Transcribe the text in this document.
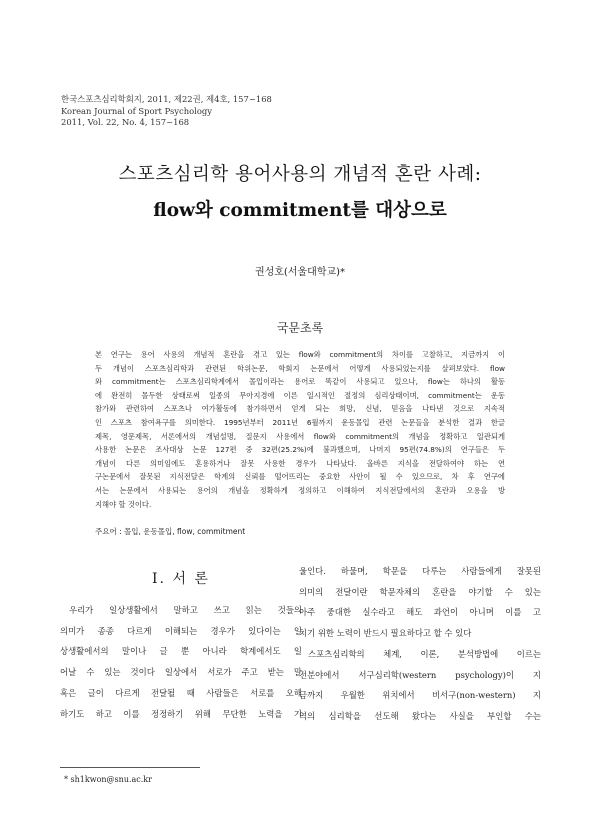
한국스포츠심리학회지, 2011, 제22권, 제4호, 157~168
Korean Journal of Sport Psychology
2011, Vol. 22, No. 4, 157~168
스포츠심리학 용어사용의 개념적 혼란 사례:
flow와 commitment를 대상으로
권성호(서울대학교)*
국문초록
본 연구는 용어 사용의 개념적 혼란을 겪고 있는 flow와 commitment의 차이를 고찰하고, 지금까지 이
두 개념이 스포츠심리학과 관련된 학위논문, 학회지 논문에서 어떻게 사용되었는지를 살펴보았다. flow
와 commitment는 스포츠심리학계에서 몰입이라는 용어로 똑같이 사용되고 있으나, flow는 하나의 활동
에 완전히 몰두한 상태로써 일종의 무아지경에 이른 일시적인 절정의 심리상태이며, commitment는 운동
참가와 관련하여 스포츠나 여가활동에 참가하면서 얻게 되는 희망, 신념, 믿음을 나타낸 것으로 지속적
인 스포츠 참여욕구를 의미한다. 1995년부터 2011년 6월까지 운동몰입 관련 논문들을 분석한 결과 한글
제목, 영문제목, 서론에서의 개념설명, 질문지 사용에서 flow와 commitment의 개념을 정확하고 일관되게
사용한 논문은 조사대상 논문 127편 중 32편(25.2%)에 불과했으며, 나머지 95편(74.8%)의 연구들은 두
개념이 다른 의미임에도 혼용하거나 잘못 사용한 경우가 나타났다. 올바른 지식을 전달하여야 하는 연
구논문에서 잘못된 지식전달은 학계의 신뢰를 떨어뜨리는 중요한 사안이 될 수 있으므로, 차 후 연구에
서는 논문에서 사용되는 용어의 개념을 정확하게 정의하고 이해하여 지식전달에서의 혼란과 오용을 방
지해야 할 것이다.
주요어 : 몰입, 운동몰입, flow, commitment
Ⅰ. 서 론
우리가 일상생활에서 말하고 쓰고 읽는 것들의
의미가 종종 다르게 이해되는 경우가 있다이는 일
상생활에서의 말이나 글 뿐 아니라 학계에서도 일
어날 수 있는 것이다 일상에서 서로가 주고 받는 말
혹은 글이 다르게 전달될 때 사람들은 서로를 오해
하기도 하고 이를 정정하기 위해 무단한 노력을 기
울인다. 하물며, 학문을 다루는 사람들에게 잘못된
의미의 전달이란 학문자체의 혼란을 야기할 수 있는
아주 중대한 실수라고 해도 과언이 아니며 이를 고
치기 위한 노력이 반드시 필요하다고 할 수 있다
스포츠심리학의 체계, 이론, 분석방법에 이르는
전분야에서 서구심리학(western psychology)이 지
금까지 우월한 위치에서 비서구(non-western) 지
역의 심리학을 선도해 왔다는 사실을 부인할 수는
* sh1kwon@snu.ac.kr
